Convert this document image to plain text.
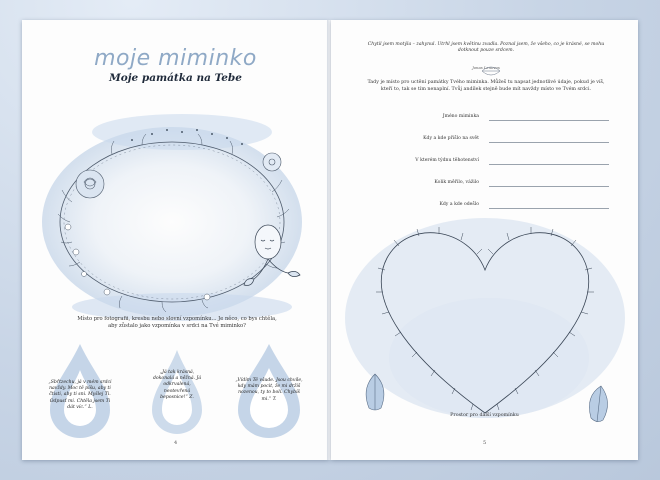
moje miminko
Moje památka na Tebe
Místo pro fotografii, kresbu nebo slovní vzpomínku... Je něco, co bys chtěla, aby zůstalo jako vzpomínka v srdci na Tvé miminko?
„Sbřtzechu, já v mém srdci navždy. Moc tě píšu, aby ti čtisti, aby ti sni. Myšlej Ti. Odpusť mi. Chtěla jsem Ti dát víc.“ L.
„Já tak krásná, dokonalá a něžná. Já odkrvalená, neotevřená beposnice!“ Z.
„Vídím Tě všude. Jsou chvíle, kdy mám pocit, že mi držíš nozenou, ty to bolí. Chybíš mi.“ T.
4
Chytil jsem motýla – zahynul. Utrhl jsem květinu zvadla. Poznal jsem, že všeho, co je krásné, se mohu dotknout pouze srdcem.
Jonas Lenovos
Tady je místo pro uctění památky Tvého miminka. Můžeš tu napsat jednotlivé údaje, pokud je víš, kteří to, tak se tím nenaplní. Tvůj andílek stejně bude mít navždy místo ve Tvém srdci.
Jméno miminka
Kdy a kde přišlo na svět
V kterém týdnu těhotenství
Kolik měřilo, vážilo
Kdy a kde odešlo
Prostor pro další vzpomínku
5
